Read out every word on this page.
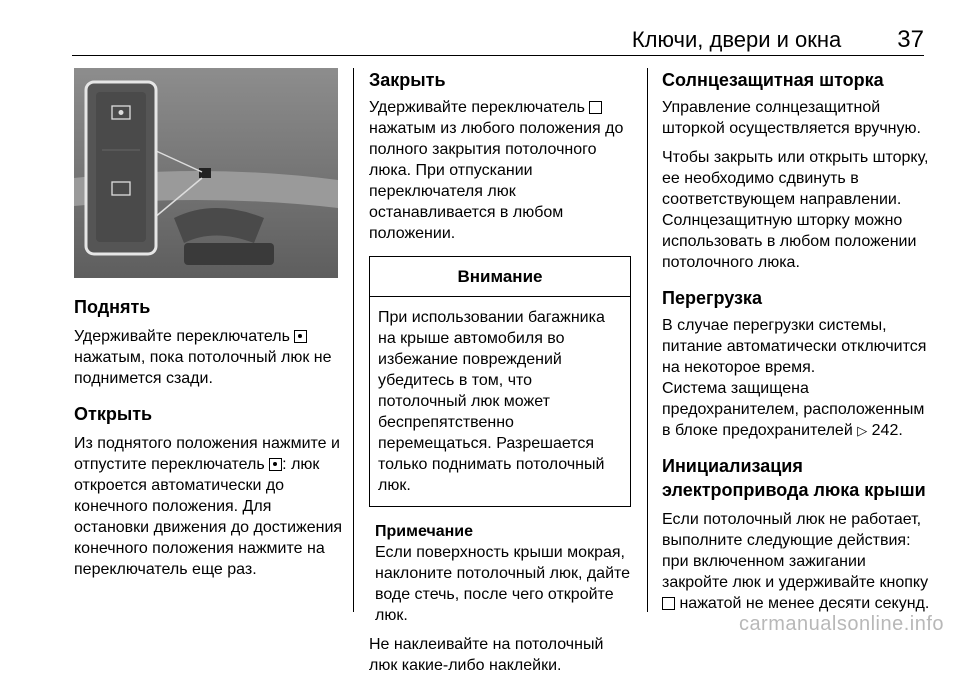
Ключи, двери и окна 37
Поднять

Удерживайте переключатель  нажатым, пока потолочный люк не поднимется сзади.

Открыть

Из поднятого положения нажмите и отпустите переключатель : люк откроется автоматически до конечного положения. Для остановки движения до достижения конечного положения нажмите на переключатель еще раз.

Закрыть

Удерживайте переключатель  нажатым из любого положения до полного закрытия потолочного люка. При отпускании переключателя люк останавливается в любом положении.

Внимание
При использовании багажника на крыше автомобиля во избежание повреждений убедитесь в том, что потолочный люк может беспрепятственно перемещаться. Разрешается только поднимать потолочный люк.
Примечание

Если поверхность крыши мокрая, наклоните потолочный люк, дайте воде стечь, после чего откройте люк.

Не наклеивайте на потолочный люк какие-либо наклейки.

Солнцезащитная шторка

Управление солнцезащитной шторкой осуществляется вручную.

Чтобы закрыть или открыть шторку, ее необходимо сдвинуть в соответствующем направлении. Солнцезащитную шторку можно использовать в любом положении потолочного люка.

Перегрузка

В случае перегрузки системы, питание автоматически отключится на некоторое время.

Система защищена предохранителем, расположенным в блоке предохранителей ▷ 242.

Инициализация электропривода люка крыши

Если потолочный люк не работает, выполните следующие действия: при включенном зажигании закройте люк и удерживайте кнопку  нажатой не менее десяти секунд.

carmanualsonline.info
